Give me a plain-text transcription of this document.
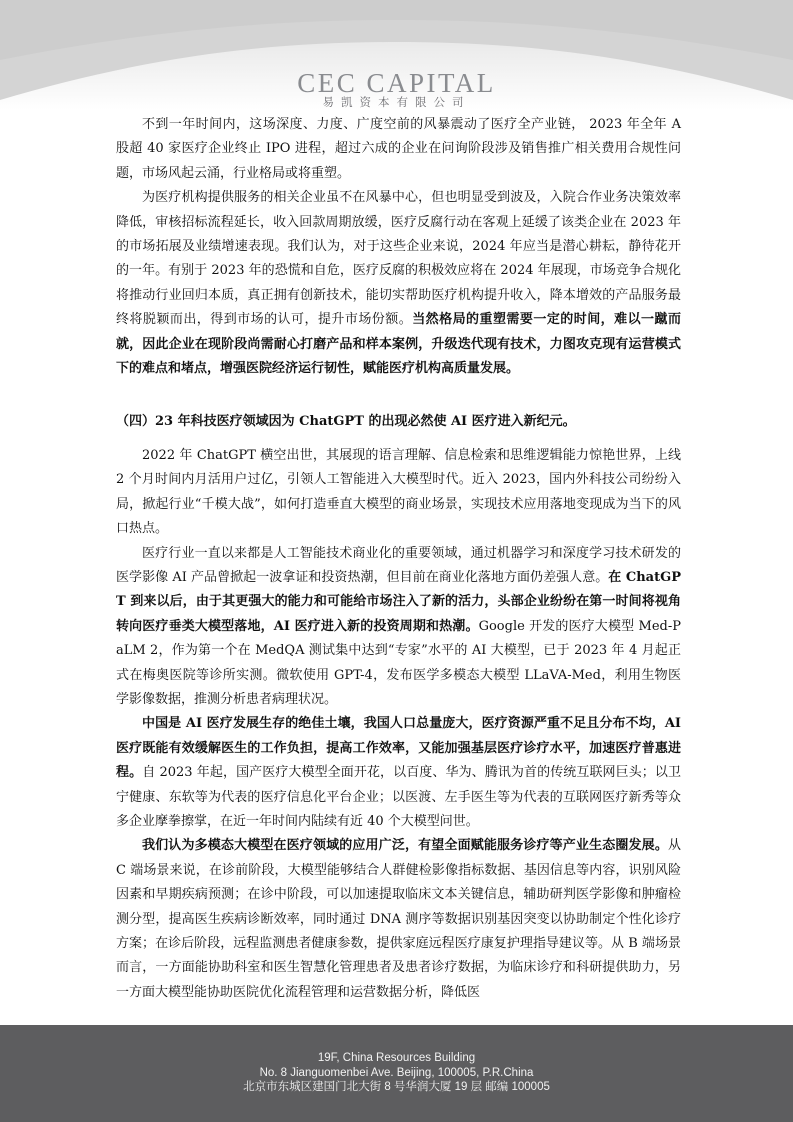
CEC CAPITAL
易凯资本有限公司

不到一年时间内，这场深度、力度、广度空前的风暴震动了医疗全产业链， 2023 年全年 A 股超 40 家医疗企业终止 IPO 进程，超过六成的企业在问询阶段涉及销售推广相关费用合规性问题，市场风起云涌，行业格局或将重塑。

为医疗机构提供服务的相关企业虽不在风暴中心，但也明显受到波及，入院合作业务决策效率降低，审核招标流程延长，收入回款周期放缓，医疗反腐行动在客观上延缓了该类企业在 2023 年的市场拓展及业绩增速表现。我们认为，对于这些企业来说，2024 年应当是潜心耕耘，静待花开的一年。有别于 2023 年的恐慌和自危，医疗反腐的积极效应将在 2024 年展现，市场竞争合规化将推动行业回归本质，真正拥有创新技术，能切实帮助医疗机构提升收入，降本增效的产品服务最终将脱颖而出，得到市场的认可，提升市场份额。当然格局的重塑需要一定的时间，难以一蹴而就，因此企业在现阶段尚需耐心打磨产品和样本案例，升级迭代现有技术，力图攻克现有运营模式下的难点和堵点，增强医院经济运行韧性，赋能医疗机构高质量发展。

（四）23 年科技医疗领域因为 ChatGPT 的出现必然使 AI 医疗进入新纪元。

2022 年 ChatGPT 横空出世，其展现的语言理解、信息检索和思维逻辑能力惊艳世界，上线 2 个月时间内月活用户过亿，引领人工智能进入大模型时代。近入 2023，国内外科技公司纷纷入局，掀起行业“千模大战”，如何打造垂直大模型的商业场景，实现技术应用落地变现成为当下的风口热点。

医疗行业一直以来都是人工智能技术商业化的重要领域，通过机器学习和深度学习技术研发的医学影像 AI 产品曾掀起一波拿证和投资热潮，但目前在商业化落地方面仍差强人意。在 ChatGPT 到来以后，由于其更强大的能力和可能给市场注入了新的活力，头部企业纷纷在第一时间将视角转向医疗垂类大模型落地，AI 医疗进入新的投资周期和热潮。Google 开发的医疗大模型 Med-PaLM 2，作为第一个在 MedQA 测试集中达到“专家”水平的 AI 大模型，已于 2023 年 4 月起正式在梅奥医院等诊所实测。微软使用 GPT-4，发布医学多模态大模型 LLaVA-Med，利用生物医学影像数据，推测分析患者病理状况。

中国是 AI 医疗发展生存的绝佳土壤，我国人口总量庞大，医疗资源严重不足且分布不均，AI 医疗既能有效缓解医生的工作负担，提高工作效率，又能加强基层医疗诊疗水平，加速医疗普惠进程。自 2023 年起，国产医疗大模型全面开花，以百度、华为、腾讯为首的传统互联网巨头；以卫宁健康、东软等为代表的医疗信息化平台企业；以医渡、左手医生等为代表的互联网医疗新秀等众多企业摩拳擦掌，在近一年时间内陆续有近 40 个大模型问世。

我们认为多模态大模型在医疗领域的应用广泛，有望全面赋能服务诊疗等产业生态圈发展。从 C 端场景来说，在诊前阶段，大模型能够结合人群健检影像指标数据、基因信息等内容，识别风险因素和早期疾病预测；在诊中阶段，可以加速提取临床文本关键信息，辅助研判医学影像和肿瘤检测分型，提高医生疾病诊断效率，同时通过 DNA 测序等数据识别基因突变以协助制定个性化诊疗方案；在诊后阶段，远程监测患者健康参数，提供家庭远程医疗康复护理指导建议等。从 B 端场景而言，一方面能协助科室和医生智慧化管理患者及患者诊疗数据，为临床诊疗和科研提供助力，另一方面大模型能协助医院优化流程管理和运营数据分析，降低医

19F, China Resources Building
No. 8 Jianguomenbei Ave. Beijing, 100005, P.R.China
北京市东城区建国门北大街 8 号华润大厦 19 层 邮编 100005
